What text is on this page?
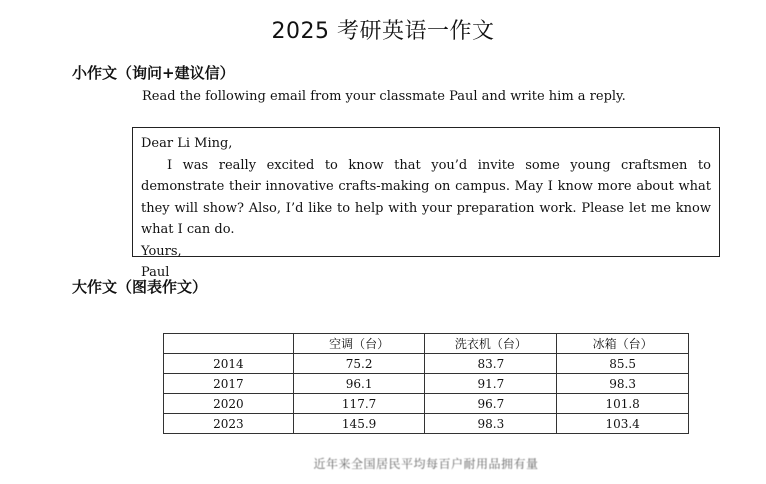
2025 考研英语一作文
小作文（询问+建议信）
Read the following email from your classmate Paul and write him a reply.

Dear Li Ming,

I was really excited to know that you’d invite some young craftsmen to demonstrate their innovative crafts-making on campus. May I know more about what they will show? Also, I’d like to help with your preparation work. Please let me know what I can do.

Yours,

Paul

大作文（图表作文）
	空调（台）	洗衣机（台）	冰箱（台）
2014	75.2	83.7	85.5
2017	96.1	91.7	98.3
2020	117.7	96.7	101.8
2023	145.9	98.3	103.4
近年来全国居民平均每百户耐用品拥有量
